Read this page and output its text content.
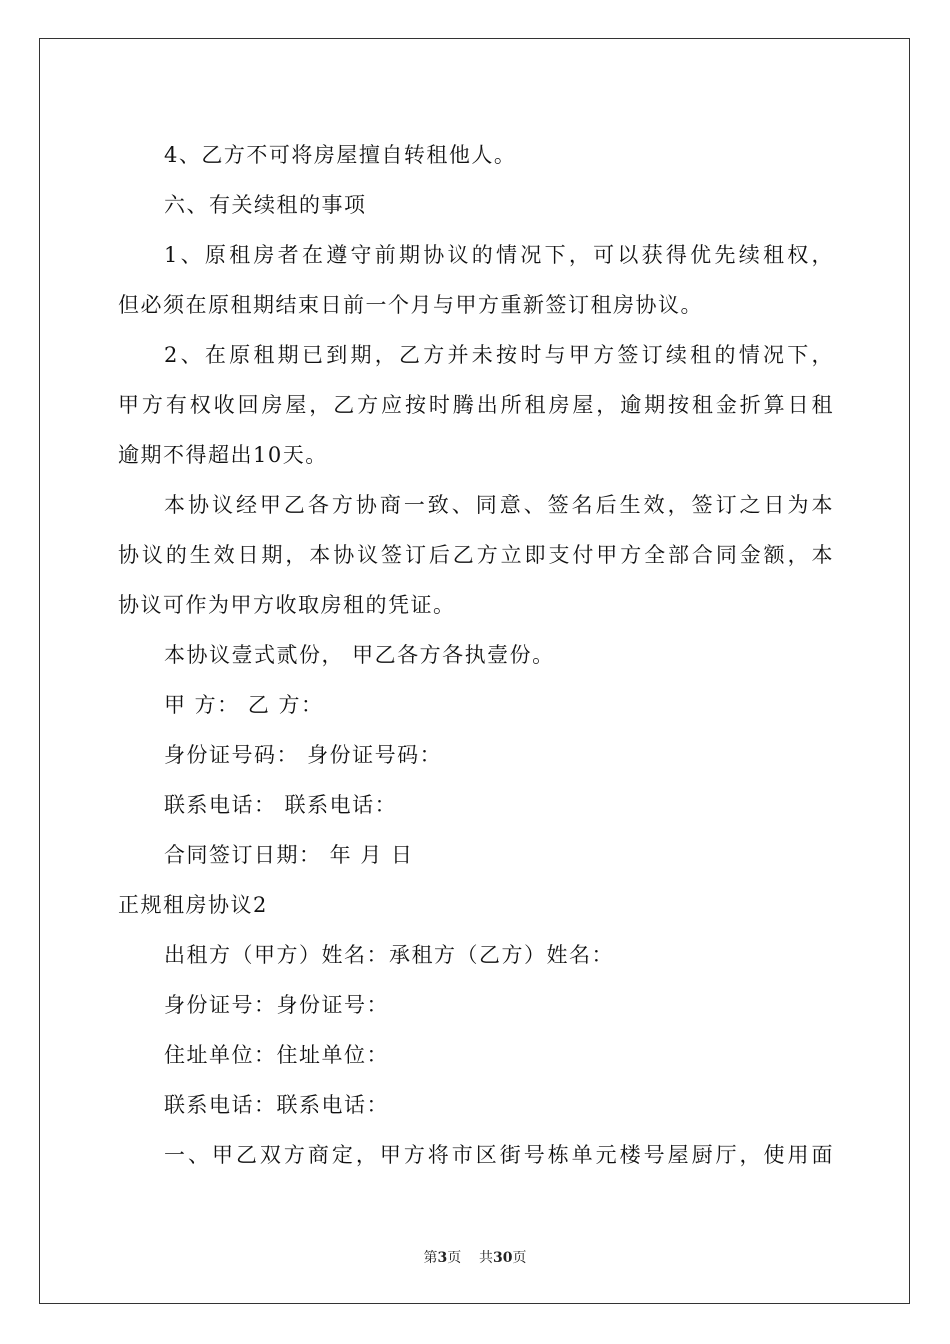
4、乙方不可将房屋擅自转租他人。
六、有关续租的事项
1、原租房者在遵守前期协议的情况下，可以获得优先续租权，
但必须在原租期结束日前一个月与甲方重新签订租房协议。
2、在原租期已到期，乙方并未按时与甲方签订续租的情况下，
甲方有权收回房屋，乙方应按时腾出所租房屋，逾期按租金折算日租
逾期不得超出10天。
本协议经甲乙各方协商一致、同意、签名后生效，签订之日为本
协议的生效日期，本协议签订后乙方立即支付甲方全部合同金额，本
协议可作为甲方收取房租的凭证。
本协议壹式贰份， 甲乙各方各执壹份。
甲 方： 乙 方：
身份证号码： 身份证号码：
联系电话： 联系电话：
合同签订日期： 年 月 日
正规租房协议2
出租方（甲方）姓名：承租方（乙方）姓名：
身份证号：身份证号：
住址单位：住址单位：
联系电话：联系电话：
一、甲乙双方商定，甲方将市区街号栋单元楼号屋厨厅，使用面
第3页 共30页
